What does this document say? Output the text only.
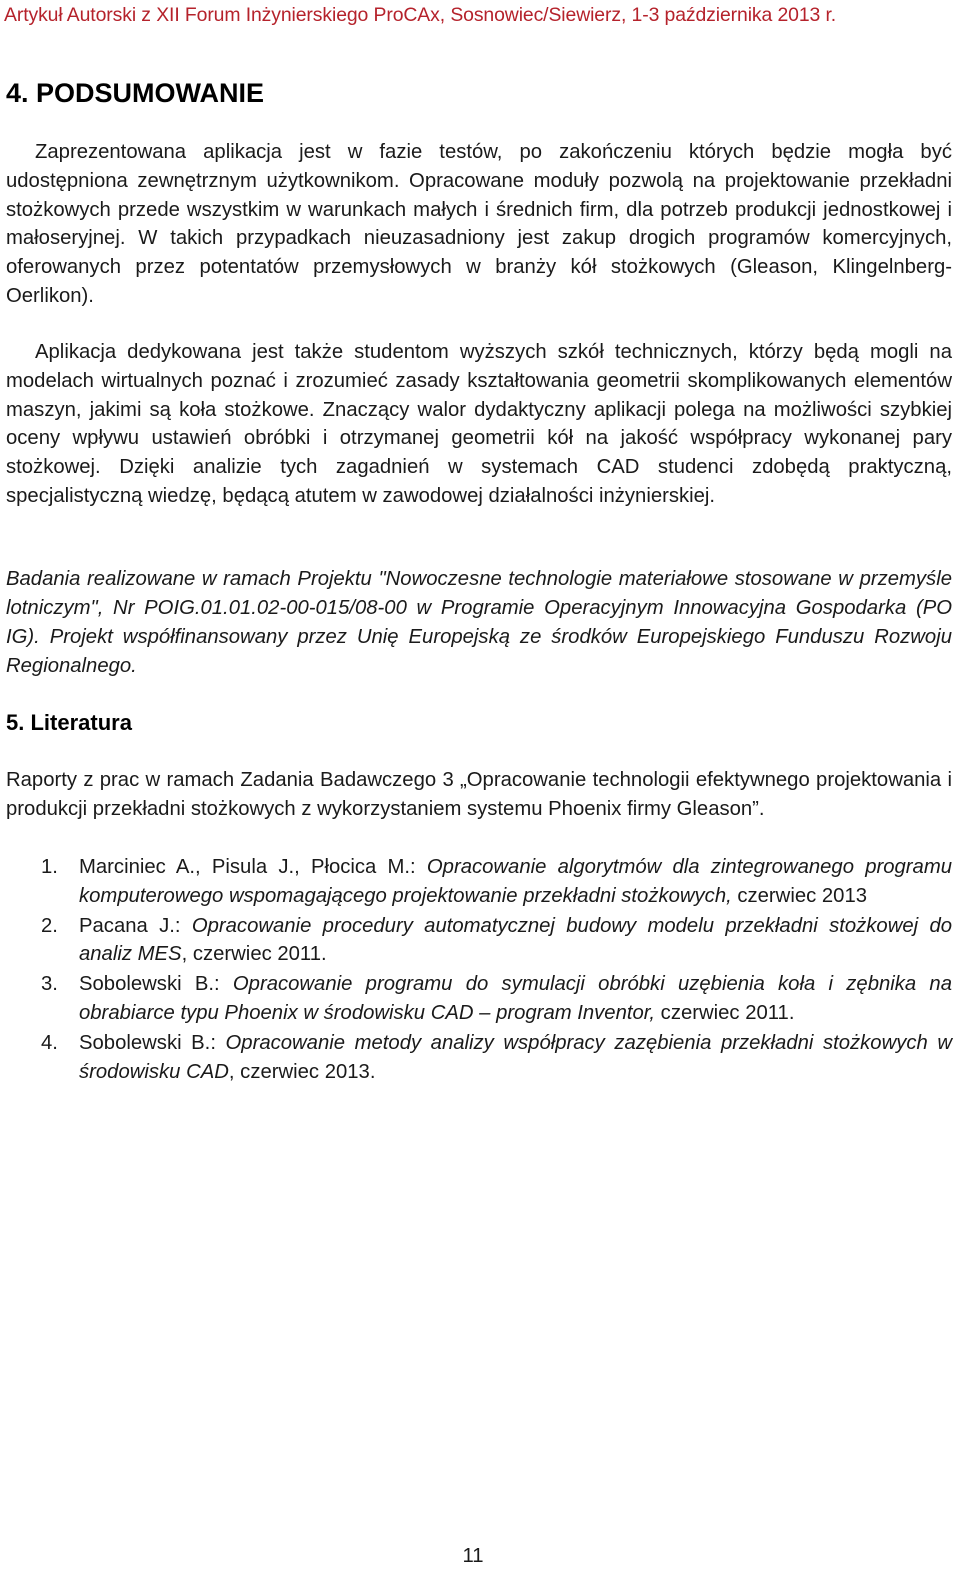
Artykuł Autorski z XII Forum Inżynierskiego ProCAx, Sosnowiec/Siewierz, 1-3 października 2013 r.
4. PODSUMOWANIE

Zaprezentowana aplikacja jest w fazie testów, po zakończeniu których będzie mogła być udostępniona zewnętrznym użytkownikom. Opracowane moduły pozwolą na projektowanie przekładni stożkowych przede wszystkim w warunkach małych i średnich firm, dla potrzeb produkcji jednostkowej i małoseryjnej. W takich przypadkach nieuzasadniony jest zakup drogich programów komercyjnych, oferowanych przez potentatów przemysłowych w branży kół stożkowych (Gleason, Klingelnberg-Oerlikon).

Aplikacja dedykowana jest także studentom wyższych szkół technicznych, którzy będą mogli na modelach wirtualnych poznać i zrozumieć zasady kształtowania geometrii skomplikowanych elementów maszyn, jakimi są koła stożkowe. Znaczący walor dydaktyczny aplikacji polega na możliwości szybkiej oceny wpływu ustawień obróbki i otrzymanej geometrii kół na jakość współpracy wykonanej pary stożkowej. Dzięki analizie tych zagadnień w systemach CAD studenci zdobędą praktyczną, specjalistyczną wiedzę, będącą atutem w zawodowej działalności inżynierskiej.

Badania realizowane w ramach Projektu "Nowoczesne technologie materiałowe stosowane w przemyśle lotniczym", Nr POIG.01.01.02-00-015/08-00 w Programie Operacyjnym Innowacyjna Gospodarka (PO IG). Projekt współfinansowany przez Unię Europejską ze środków Europejskiego Funduszu Rozwoju Regionalnego.

5. Literatura

Raporty z prac w ramach Zadania Badawczego 3 „Opracowanie technologii efektywnego projektowania i produkcji przekładni stożkowych z wykorzystaniem systemu Phoenix firmy Gleason”.

1. Marciniec A., Pisula J., Płocica M.: Opracowanie algorytmów dla zintegrowanego programu komputerowego wspomagającego projektowanie przekładni stożkowych, czerwiec 2013
2. Pacana J.: Opracowanie procedury automatycznej budowy modelu przekładni stożkowej do analiz MES, czerwiec 2011.
3. Sobolewski B.: Opracowanie programu do symulacji obróbki uzębienia koła i zębnika na obrabiarce typu Phoenix w środowisku CAD – program Inventor, czerwiec 2011.
4. Sobolewski B.: Opracowanie metody analizy współpracy zazębienia przekładni stożkowych w środowisku CAD, czerwiec 2013.
11
